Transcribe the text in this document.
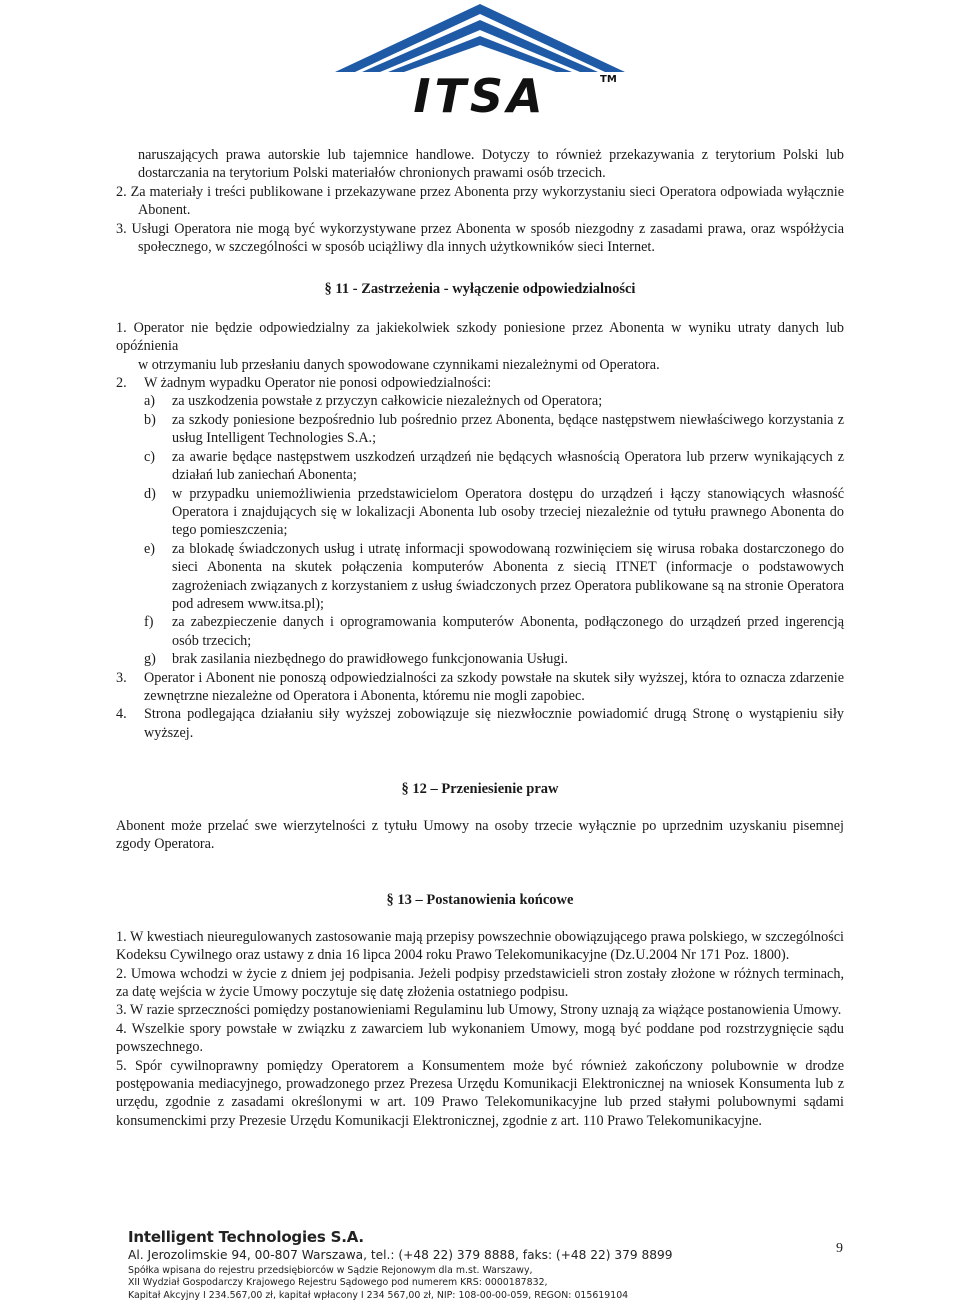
ITSA	TM

naruszających prawa autorskie lub tajemnice handlowe. Dotyczy to również przekazywania z terytorium Polski lub dostarczania na terytorium Polski materiałów chronionych prawami osób trzecich.

2. Za materiały i treści publikowane i przekazywane przez Abonenta przy wykorzystaniu sieci Operatora odpowiada wyłącznie Abonent.

3. Usługi Operatora nie mogą być wykorzystywane przez Abonenta w sposób niezgodny z zasadami prawa, oraz współżycia społecznego, w szczególności w sposób uciążliwy dla innych użytkowników sieci Internet.

§ 11 - Zastrzeżenia - wyłączenie odpowiedzialności

1. Operator nie będzie odpowiedzialny za jakiekolwiek szkody poniesione przez Abonenta w wyniku utraty danych lub opóźnienia

w otrzymaniu lub przesłaniu danych spowodowane czynnikami niezależnymi od Operatora.

2.	W żadnym wypadku Operator nie ponosi odpowiedzialności:

a)	za uszkodzenia powstałe z przyczyn całkowicie niezależnych od Operatora;

b)	za szkody poniesione bezpośrednio lub pośrednio przez Abonenta, będące następstwem niewłaściwego korzystania z usług Intelligent Technologies S.A.;

c)	za awarie będące następstwem uszkodzeń urządzeń nie będących własnością Operatora lub przerw wynikających z działań lub zaniechań Abonenta;

d)	w przypadku uniemożliwienia przedstawicielom Operatora dostępu do urządzeń i łączy stanowiących własność Operatora i znajdujących się w lokalizacji Abonenta lub osoby trzeciej niezależnie od tytułu prawnego Abonenta do tego pomieszczenia;

e)	za blokadę świadczonych usług i utratę informacji spowodowaną rozwinięciem się wirusa robaka dostarczonego do sieci Abonenta na skutek połączenia komputerów Abonenta z siecią ITNET (informacje o podstawowych zagrożeniach związanych z korzystaniem z usług świadczonych przez Operatora publikowane są na stronie Operatora pod adresem www.itsa.pl);

f)	za zabezpieczenie danych i oprogramowania komputerów Abonenta, podłączonego do urządzeń przed ingerencją osób trzecich;

g)	brak zasilania niezbędnego do prawidłowego funkcjonowania Usługi.

3.	Operator i Abonent nie ponoszą odpowiedzialności za szkody powstałe na skutek siły wyższej, która to oznacza zdarzenie zewnętrzne niezależne od Operatora i Abonenta, któremu nie mogli zapobiec.

4.	Strona podlegająca działaniu siły wyższej zobowiązuje się niezwłocznie powiadomić drugą Stronę o wystąpieniu siły wyższej.

§ 12 – Przeniesienie praw

Abonent może przelać swe wierzytelności z tytułu Umowy na osoby trzecie wyłącznie po uprzednim uzyskaniu pisemnej zgody Operatora.

§ 13 – Postanowienia końcowe

1. W kwestiach nieuregulowanych zastosowanie mają przepisy powszechnie obowiązującego prawa polskiego, w szczególności Kodeksu Cywilnego oraz ustawy z dnia 16 lipca 2004 roku Prawo Telekomunikacyjne (Dz.U.2004 Nr 171 Poz. 1800).

2. Umowa wchodzi w życie z dniem jej podpisania. Jeżeli podpisy przedstawicieli stron zostały złożone w różnych terminach, za datę wejścia w życie Umowy poczytuje się datę złożenia ostatniego podpisu.

3. W razie sprzeczności pomiędzy postanowieniami Regulaminu lub Umowy, Strony uznają za wiążące postanowienia Umowy.

4. Wszelkie spory powstałe w związku z zawarciem lub wykonaniem Umowy, mogą być poddane pod rozstrzygnięcie sądu powszechnego.

5. Spór cywilnoprawny pomiędzy Operatorem a Konsumentem może być również zakończony polubownie w drodze postępowania mediacyjnego, prowadzonego przez Prezesa Urzędu Komunikacji Elektronicznej na wniosek Konsumenta lub z urzędu, zgodnie z zasadami określonymi w art. 109 Prawo Telekomunikacyjne lub przed stałymi polubownymi sądami konsumenckimi przy Prezesie Urzędu Komunikacji Elektronicznej, zgodnie z art. 110 Prawo Telekomunikacyjne.

Intelligent Technologies S.A.
Al. Jerozolimskie 94, 00-807 Warszawa, tel.: (+48 22) 379 8888, faks: (+48 22) 379 8899
Spółka wpisana do rejestru przedsiębiorców w Sądzie Rejonowym dla m.st. Warszawy,
XII Wydział Gospodarczy Krajowego Rejestru Sądowego pod numerem KRS: 0000187832,
Kapitał Akcyjny I 234.567,00 zł, kapitał wpłacony I 234 567,00 zł, NIP: 108-00-00-059, REGON: 015619104
9
